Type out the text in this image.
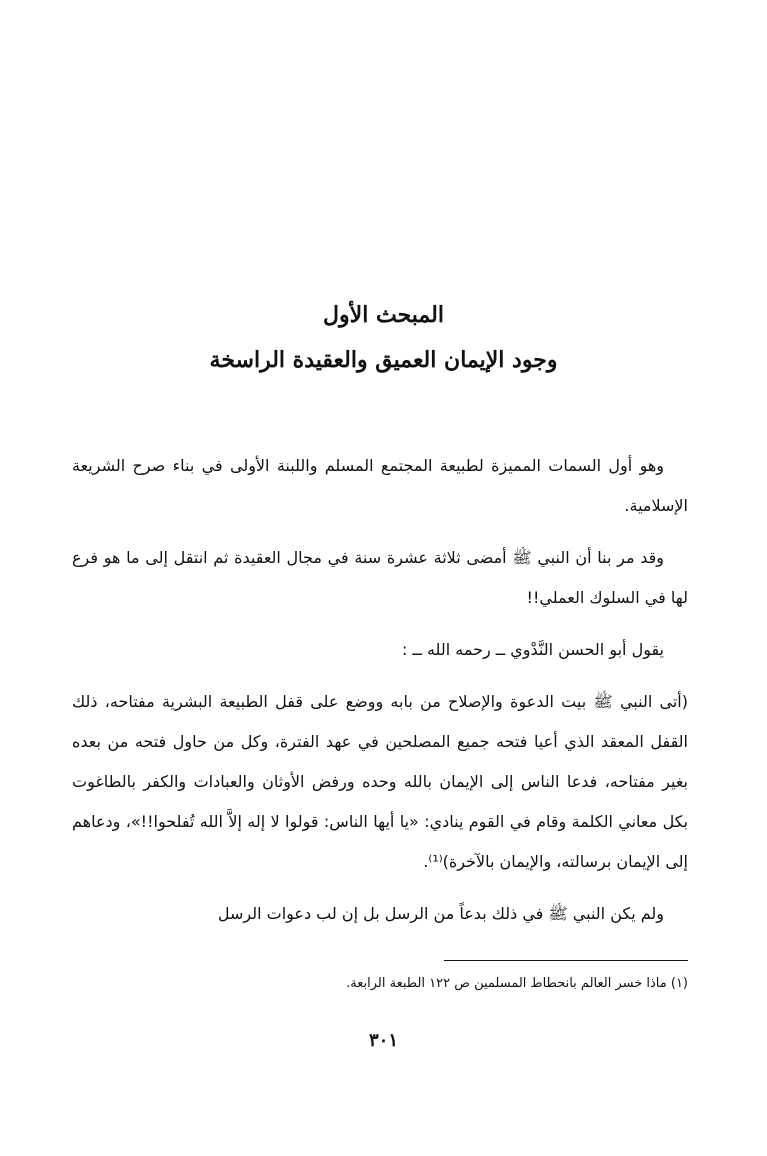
المبحث الأول
وجود الإيمان العميق والعقيدة الراسخة

وهو أول السمات المميزة لطبيعة المجتمع المسلم واللبنة الأولى في بناء صرح الشريعة الإسلامية.

وقد مر بنا أن النبي ﷺ أمضى ثلاثة عشرة سنة في مجال العقيدة ثم انتقل إلى ما هو فرع لها في السلوك العملي!!

يقول أبو الحسن النَّدْوي ــ رحمه الله ــ :

(أتى النبي ﷺ بيت الدعوة والإصلاح من بابه ووضع على قفل الطبيعة البشرية مفتاحه، ذلك القفل المعقد الذي أعيا فتحه جميع المصلحين في عهد الفترة، وكل من حاول فتحه من بعده بغير مفتاحه، فدعا الناس إلى الإيمان بالله وحده ورفض الأوثان والعبادات والكفر بالطاغوت بكل معاني الكلمة وقام في القوم ينادي: «يا أيها الناس: قولوا لا إله إلاَّ الله تُفلحوا!!»، ودعاهم إلى الإيمان برسالته، والإيمان بالآخرة)⁽¹⁾.

ولم يكن النبي ﷺ في ذلك بدعاً من الرسل بل إن لب دعوات الرسل

(١) ماذا خسر العالم بانحطاط المسلمين ص ١٢٢ الطبعة الرابعة.
٣٠١
